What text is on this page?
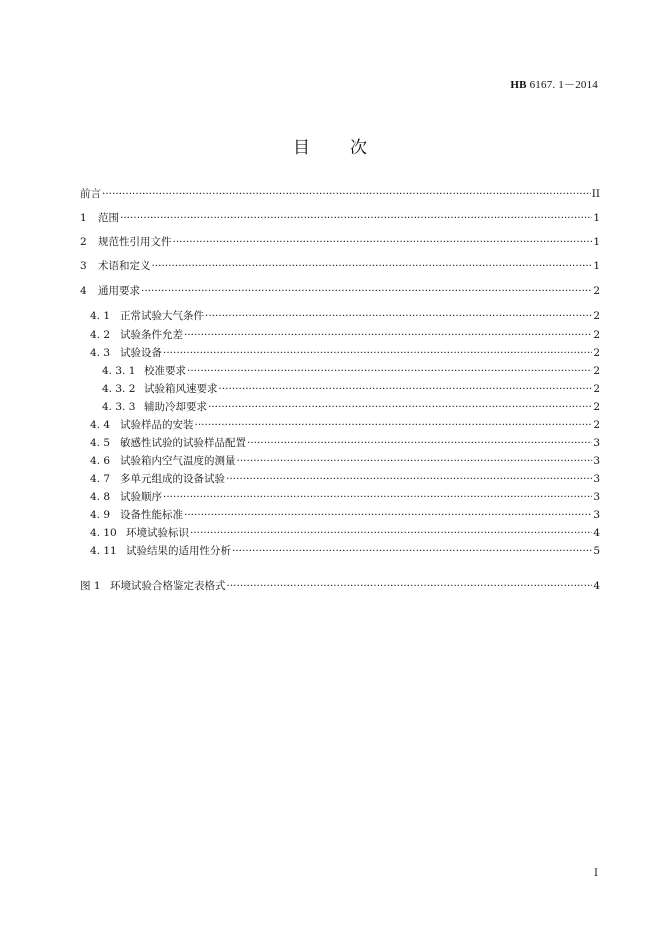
HB 6167. 1－2014
目　　次
前言 ·····	II
1	范围 ·····	1
2	规范性引用文件 ·····	1
3	术语和定义 ·····	1
4	通用要求 ·····	2
4. 1 正常试验大气条件 ·····	2
4. 2 试验条件允差 ·····	2
4. 3 试验设备 ·····	2
4. 3. 1 校准要求 ·····	2
4. 3. 2 试验箱风速要求 ·····	2
4. 3. 3 辅助冷却要求 ·····	2
4. 4 试验样品的安装 ·····	2
4. 5 敏感性试验的试验样品配置 ·····	3
4. 6 试验箱内空气温度的测量 ·····	3
4. 7 多单元组成的设备试验 ·····	3
4. 8 试验顺序 ·····	3
4. 9 设备性能标准 ·····	3
4. 10 环境试验标识 ·····	4
4. 11 试验结果的适用性分析 ·····	5
图 1 环境试验合格鉴定表格式 ·····	4
I
